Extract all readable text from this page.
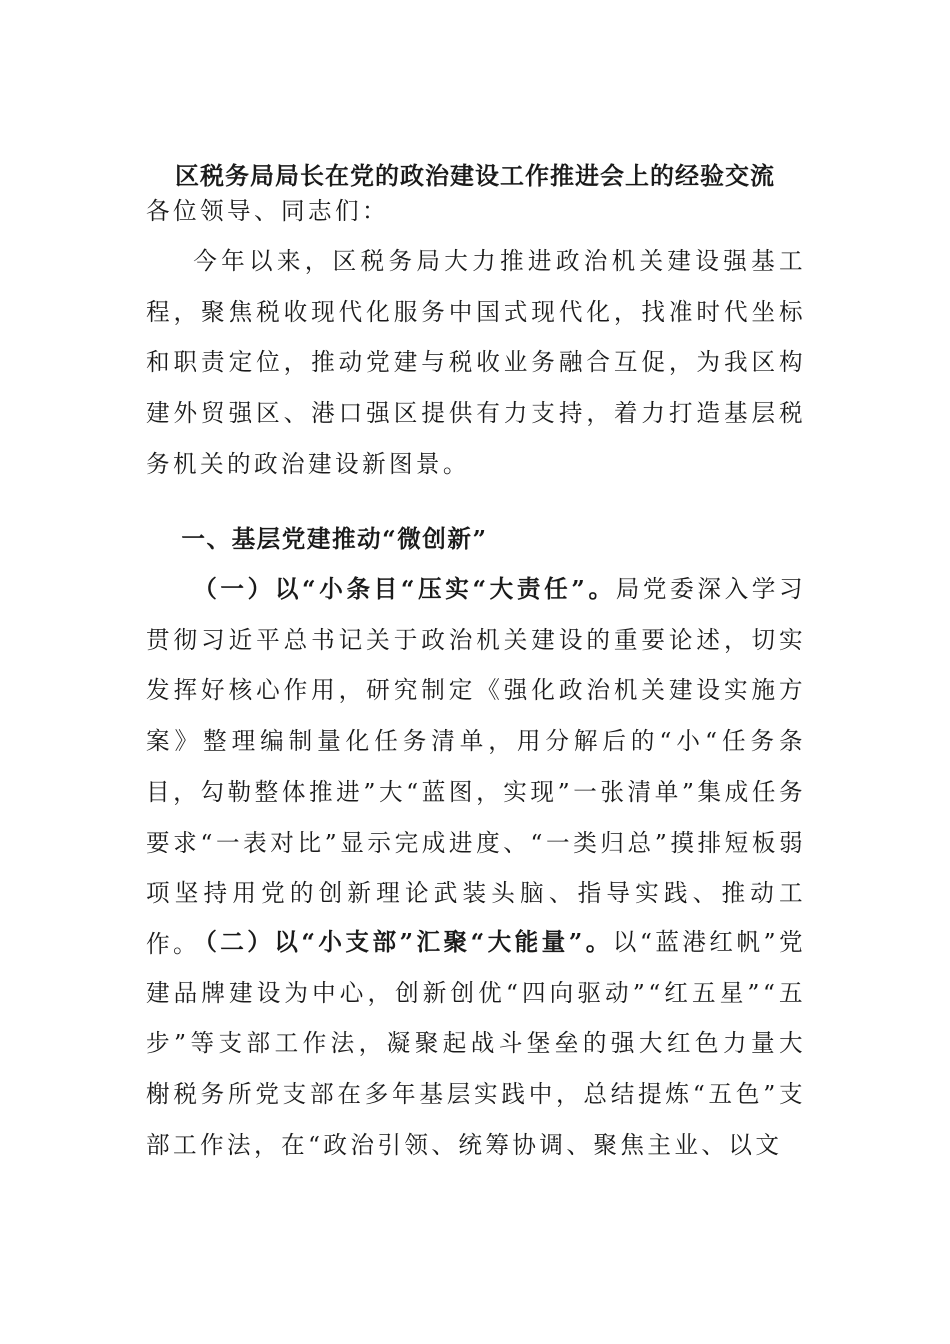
区税务局局长在党的政治建设工作推进会上的经验交流
各位领导、同志们：
今年以来，区税务局大力推进政治机关建设强基工程，聚焦税收现代化服务中国式现代化，找准时代坐标和职责定位，推动党建与税收业务融合互促，为我区构建外贸强区、港口强区提供有力支持，着力打造基层税务机关的政治建设新图景。
一、基层党建推动“微创新”
（一）以“小条目“压实“大责任”。局党委深入学习贯彻习近平总书记关于政治机关建设的重要论述，切实发挥好核心作用，研究制定《强化政治机关建设实施方案》整理编制量化任务清单，用分解后的“小“任务条目，勾勒整体推进”大“蓝图，实现”一张清单”集成任务要求“一表对比”显示完成进度、“一类归总”摸排短板弱项坚持用党的创新理论武装头脑、指导实践、推动工作。
（二）以“小支部”汇聚“大能量”。以“蓝港红帆”党建品牌建设为中心，创新创优“四向驱动”“红五星”“五步”等支部工作法，凝聚起战斗堡垒的强大红色力量大榭税务所党支部在多年基层实践中，总结提炼“五色”支部工作法，在“政治引领、统筹协调、聚焦主业、以文
